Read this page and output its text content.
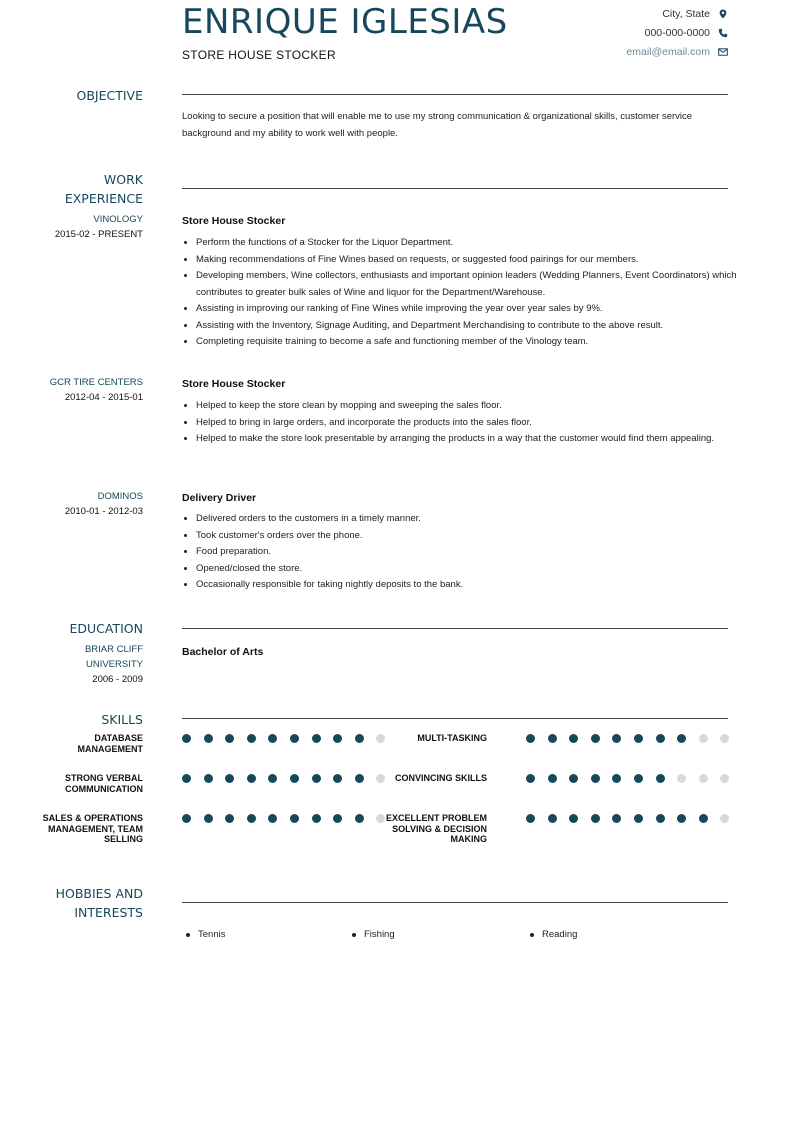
ENRIQUE IGLESIAS
STORE HOUSE STOCKER
City, State
000-000-0000
email@email.com
OBJECTIVE
Looking to secure a position that will enable me to use my strong communication & organizational skills, customer service background and my ability to work well with people.
WORK
EXPERIENCE
VINOLOGY
2015-02 - PRESENT
Store House Stocker
• Perform the functions of a Stocker for the Liquor Department.
• Making recommendations of Fine Wines based on requests, or suggested food pairings for our members.
• Developing members, Wine collectors, enthusiasts and important opinion leaders (Wedding Planners, Event Coordinators) which contributes to greater bulk sales of Wine and liquor for the Department/Warehouse.
• Assisting in improving our ranking of Fine Wines while improving the year over year sales by 9%.
• Assisting with the Inventory, Signage Auditing, and Department Merchandising to contribute to the above result.
• Completing requisite training to become a safe and functioning member of the Vinology team.
GCR TIRE CENTERS
2012-04 - 2015-01
Store House Stocker
• Helped to keep the store clean by mopping and sweeping the sales floor.
• Helped to bring in large orders, and incorporate the products into the sales floor.
• Helped to make the store look presentable by arranging the products in a way that the customer would find them appealing.
DOMINOS
2010-01 - 2012-03
Delivery Driver
• Delivered orders to the customers in a timely manner.
• Took customer's orders over the phone.
• Food preparation.
• Opened/closed the store.
• Occasionally responsible for taking nightly deposits to the bank.
EDUCATION
BRIAR CLIFF
UNIVERSITY
2006 - 2009
Bachelor of Arts
SKILLS
DATABASE
MANAGEMENT
STRONG VERBAL
COMMUNICATION
SALES & OPERATIONS
MANAGEMENT, TEAM
SELLING
MULTI-TASKING
CONVINCING SKILLS
EXCELLENT PROBLEM
SOLVING & DECISION
MAKING
HOBBIES AND
INTERESTS
Tennis	Fishing	Reading
